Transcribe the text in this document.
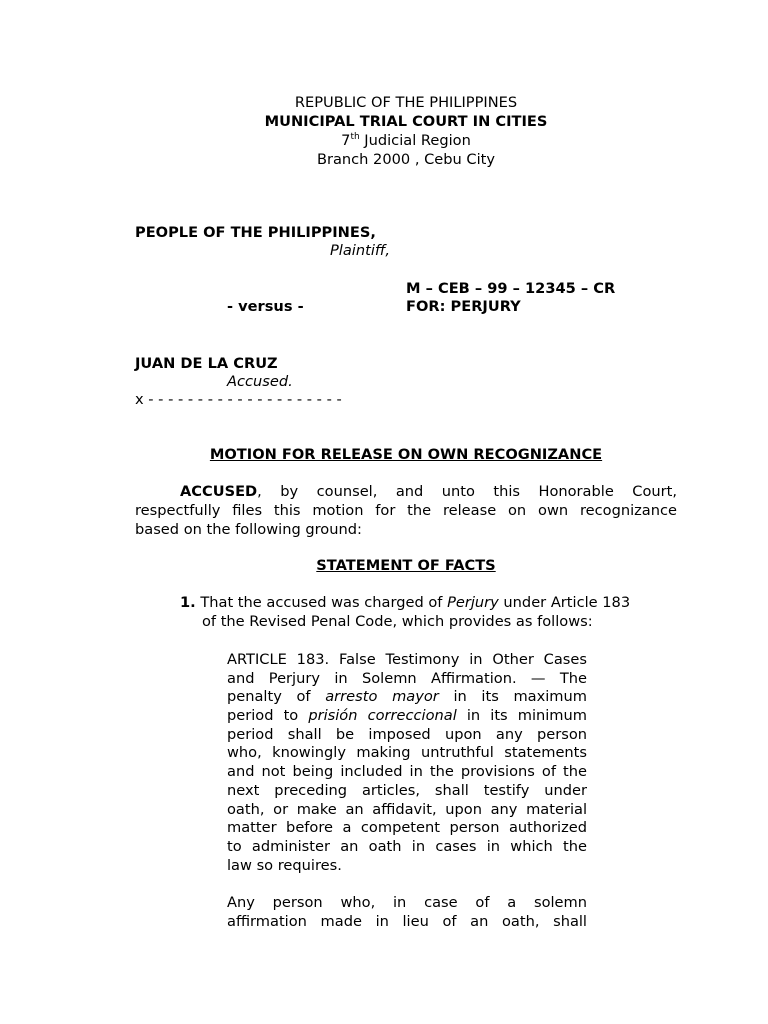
REPUBLIC OF THE PHILIPPINES
MUNICIPAL TRIAL COURT IN CITIES
7th Judicial Region
Branch 2000 , Cebu City
PEOPLE OF THE PHILIPPINES,
Plaintiff,
M – CEB – 99 – 12345 – CR
- versus -	FOR: PERJURY
JUAN DE LA CRUZ
Accused.
x - - - - - - - - - - - - - - - - - - - -
MOTION FOR RELEASE ON OWN RECOGNIZANCE
ACCUSED, by counsel, and unto this Honorable Court,
respectfully files this motion for the release on own recognizance
based on the following ground:
STATEMENT OF FACTS
1. That the accused was charged of Perjury under Article 183
of the Revised Penal Code, which provides as follows:
ARTICLE 183. False Testimony in Other Cases
and Perjury in Solemn Affirmation. — The
penalty of arresto mayor in its maximum
period to prisión correccional in its minimum
period shall be imposed upon any person
who, knowingly making untruthful statements
and not being included in the provisions of the
next preceding articles, shall testify under
oath, or make an affidavit, upon any material
matter before a competent person authorized
to administer an oath in cases in which the
law so requires.
Any person who, in case of a solemn
affirmation made in lieu of an oath, shall
